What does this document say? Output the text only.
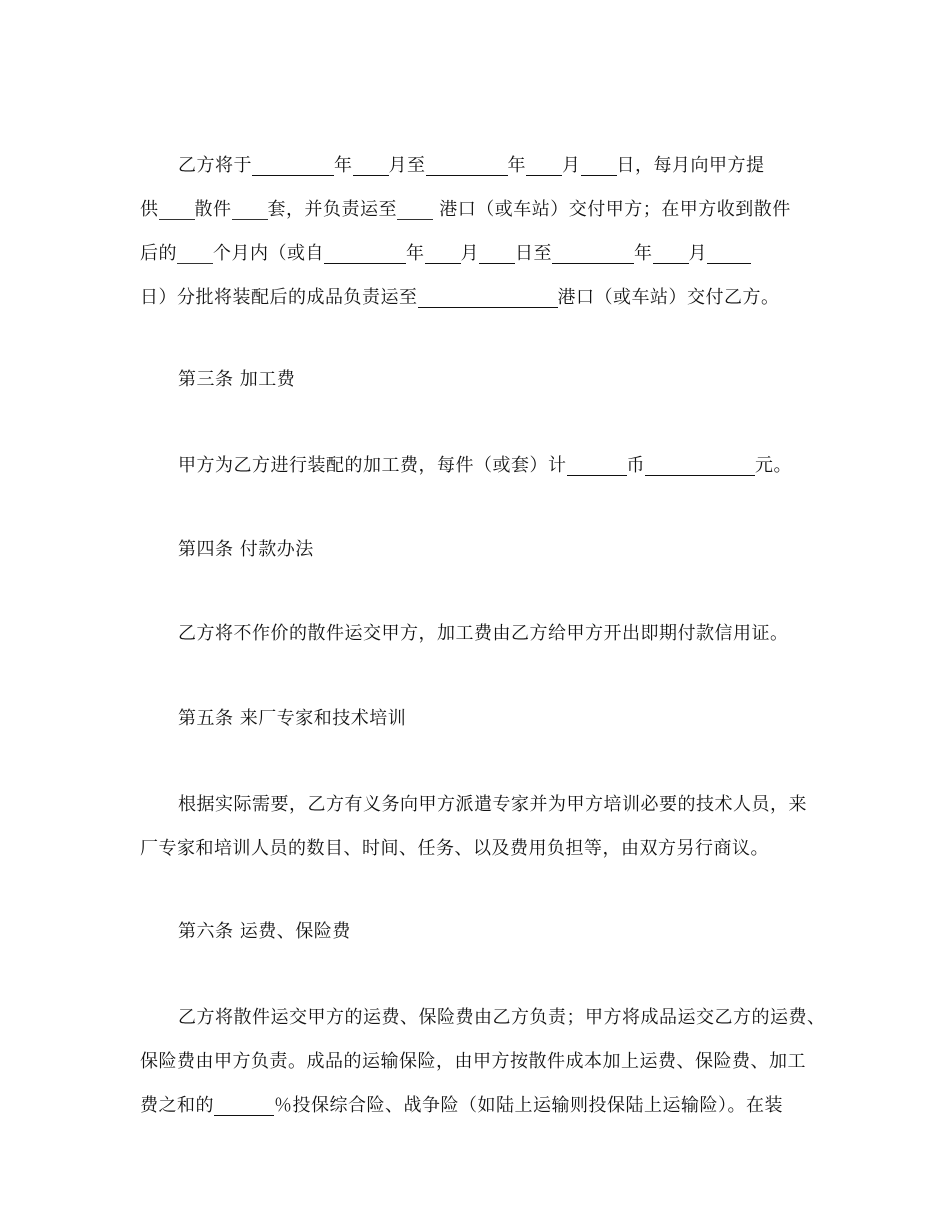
乙方将于	年 月至	年 月 日，每月向甲方提
供 散件 套，并负责运至 港口（或车站）交付甲方；在甲方收到散件
后的 个月内（或自	年 月 日至	年 月
日）分批将装配后的成品负责运至	港口（或车站）交付乙方。
第三条 加工费
甲方为乙方进行装配的加工费，每件（或套）计	币	元。
第四条 付款办法
乙方将不作价的散件运交甲方，加工费由乙方给甲方开出即期付款信用证。
第五条 来厂专家和技术培训
根据实际需要，乙方有义务向甲方派遣专家并为甲方培训必要的技术人员，来
厂专家和培训人员的数目、时间、任务、以及费用负担等，由双方另行商议。
第六条 运费、保险费
乙方将散件运交甲方的运费、保险费由乙方负责；甲方将成品运交乙方的运费、
保险费由甲方负责。成品的运输保险，由甲方按散件成本加上运费、保险费、加工
费之和的	％投保综合险、战争险（如陆上运输则投保陆上运输险）。在装
